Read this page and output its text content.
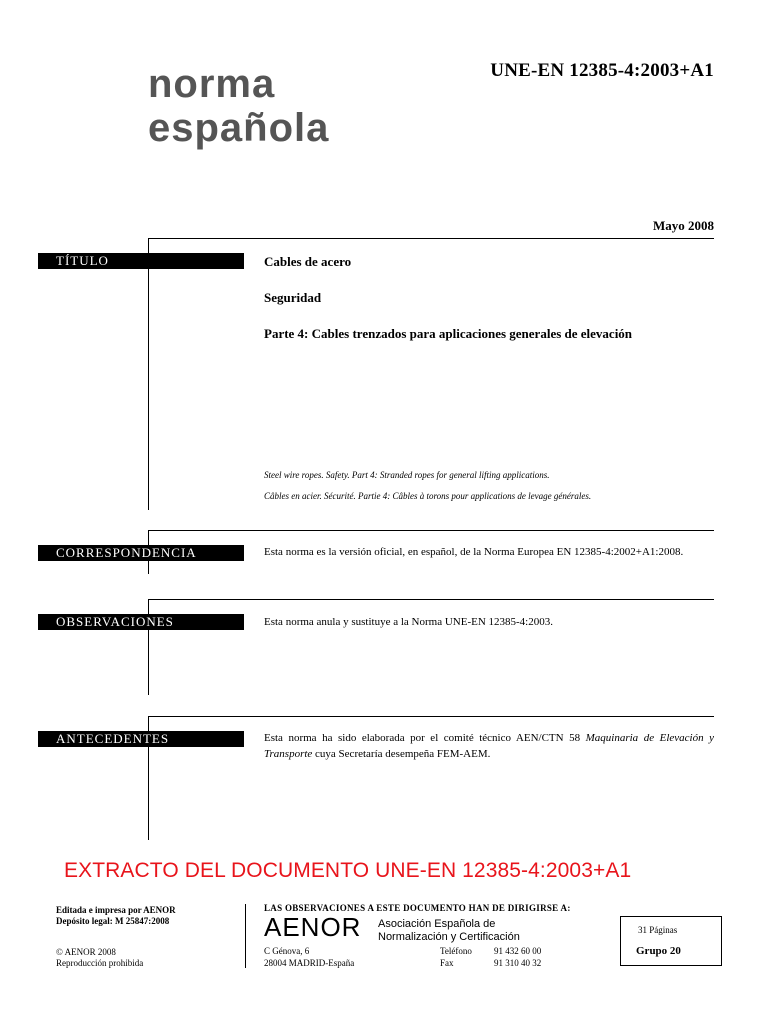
norma
española
UNE-EN 12385-4:2003+A1
Mayo 2008
TÍTULO	Cables de acero
Seguridad
Parte 4: Cables trenzados para aplicaciones generales de elevación
Steel wire ropes. Safety. Part 4: Stranded ropes for general lifting applications.
Câbles en acier. Sécurité. Partie 4: Câbles à torons pour applications de levage générales.
CORRESPONDENCIA	Esta norma es la versión oficial, en español, de la Norma Europea EN 12385-4:2002+A1:2008.
OBSERVACIONES	Esta norma anula y sustituye a la Norma UNE-EN 12385-4:2003.
ANTECEDENTES	Esta norma ha sido elaborada por el comité técnico AEN/CTN 58 Maquinaria de Elevación y Transporte cuya Secretaría desempeña FEM-AEM.
EXTRACTO DEL DOCUMENTO UNE-EN 12385-4:2003+A1
Editada e impresa por AENOR
Depósito legal: M 25847:2008
© AENOR 2008
Reproducción prohibida
LAS OBSERVACIONES A ESTE DOCUMENTO HAN DE DIRIGIRSE A:
AENOR Asociación Española de
Normalización y Certificación
C Génova, 6
28004 MADRID-España
Teléfono 91 432 60 00
Fax	91 310 40 32
31 Páginas
Grupo 20
